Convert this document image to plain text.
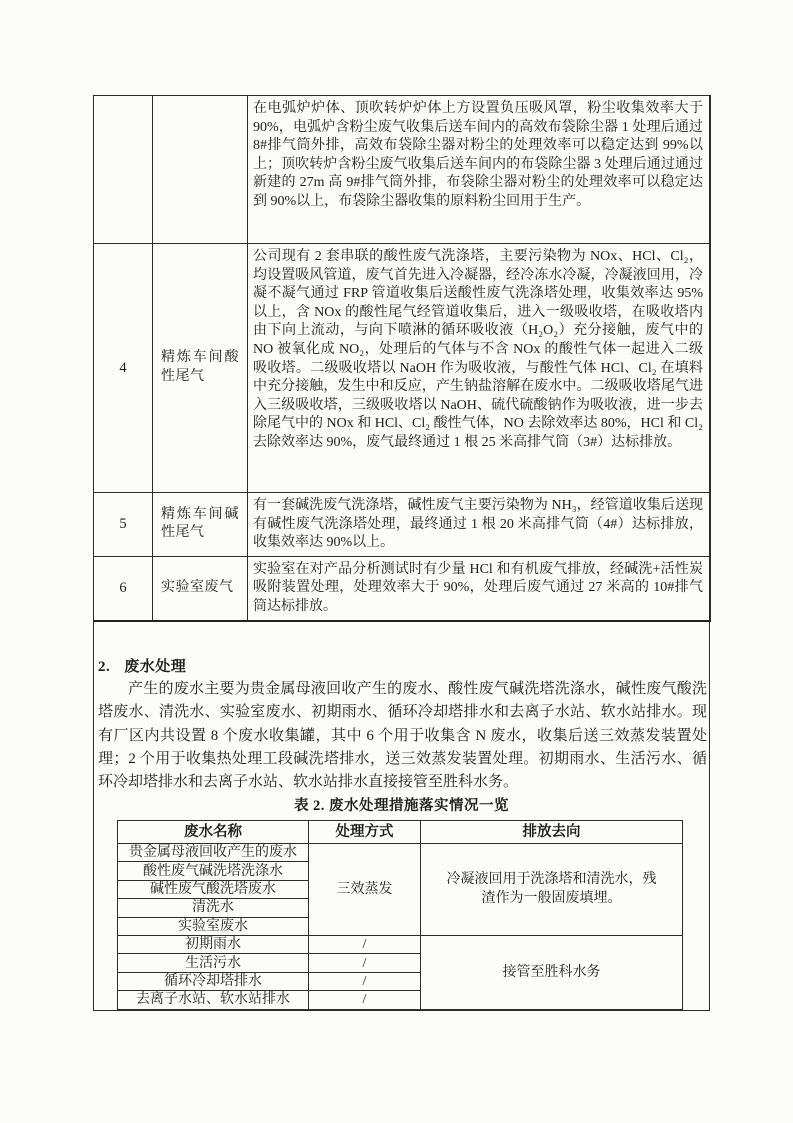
		在电弧炉炉体、顶吹转炉炉体上方设置负压吸风罩，粉尘收集效率大于 90%，电弧炉含粉尘废气收集后送车间内的高效布袋除尘器 1 处理后通过 8#排气筒外排，高效布袋除尘器对粉尘的处理效率可以稳定达到 99%以上；顶吹转炉含粉尘废气收集后送车间内的布袋除尘器 3 处理后通过通过新建的 27m 高 9#排气筒外排，布袋除尘器对粉尘的处理效率可以稳定达到 90%以上，布袋除尘器收集的原料粉尘回用于生产。
4	精炼车间酸性尾气	公司现有 2 套串联的酸性废气洗涤塔，主要污染物为 NOx、HCl、Cl₂，均设置吸风管道，废气首先进入冷凝器，经冷冻水冷凝，冷凝液回用，冷凝不凝气通过 FRP 管道收集后送酸性废气洗涤塔处理，收集效率达 95%以上，含 NOx 的酸性尾气经管道收集后，进入一级吸收塔，在吸收塔内由下向上流动，与向下喷淋的循环吸收液（H₂O₂）充分接触，废气中的 NO 被氧化成 NO₂，处理后的气体与不含 NOx 的酸性气体一起进入二级吸收塔。二级吸收塔以 NaOH 作为吸收液，与酸性气体 HCl、Cl₂ 在填料中充分接触，发生中和反应，产生钠盐溶解在废水中。二级吸收塔尾气进入三级吸收塔，三级吸收塔以 NaOH、硫代硫酸钠作为吸收液，进一步去除尾气中的 NOx 和 HCl、Cl₂ 酸性气体，NO 去除效率达 80%，HCl 和 Cl₂ 去除效率达 90%，废气最终通过 1 根 25 米高排气筒（3#）达标排放。
5	精炼车间碱性尾气	有一套碱洗废气洗涤塔，碱性废气主要污染物为 NH₃，经管道收集后送现有碱性废气洗涤塔处理，最终通过 1 根 20 米高排气筒（4#）达标排放，收集效率达 90%以上。
6	实验室废气	实验室在对产品分析测试时有少量 HCl 和有机废气排放，经碱洗+活性炭吸附装置处理，处理效率大于 90%，处理后废气通过 27 米高的 10#排气筒达标排放。
2. 废水处理

产生的废水主要为贵金属母液回收产生的废水、酸性废气碱洗塔洗涤水，碱性废气酸洗塔废水、清洗水、实验室废水、初期雨水、循环冷却塔排水和去离子水站、软水站排水。现有厂区内共设置 8 个废水收集罐，其中 6 个用于收集含 N 废水，收集后送三效蒸发装置处理；2 个用于收集热处理工段碱洗塔排水，送三效蒸发装置处理。初期雨水、生活污水、循环冷却塔排水和去离子水站、软水站排水直接接管至胜科水务。

表 2. 废水处理措施落实情况一览
废水名称	处理方式	排放去向
贵金属母液回收产生的废水	三效蒸发	冷凝液回用于洗涤塔和清洗水，残渣作为一般固废填埋。
酸性废气碱洗塔洗涤水		
碱性废气酸洗塔废水		
清洗水		
实验室废水		
初期雨水	/	接管至胜科水务
生活污水	/	
循环冷却塔排水	/	
去离子水站、软水站排水	/	
